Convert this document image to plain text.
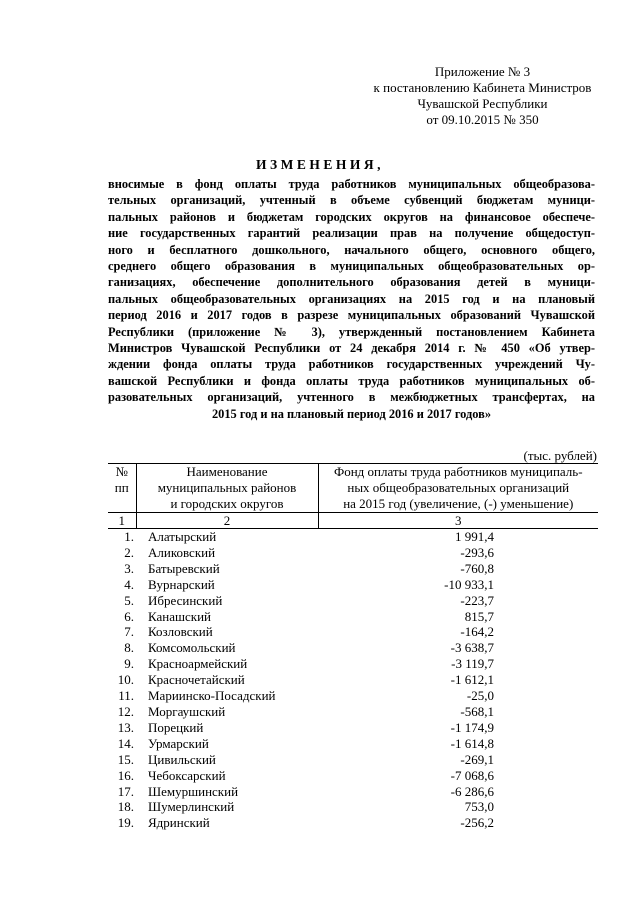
Приложение № 3
к постановлению Кабинета Министров
Чувашской Республики
от 09.10.2015 № 350
ИЗМЕНЕНИЯ,
вносимые в фонд оплаты труда работников муниципальных общеобразова-
тельных организаций, учтенный в объеме субвенций бюджетам муници-
пальных районов и бюджетам городских округов на финансовое обеспече-
ние государственных гарантий реализации прав на получение общедоступ-
ного и бесплатного дошкольного, начального общего, основного общего,
среднего общего образования в муниципальных общеобразовательных ор-
ганизациях, обеспечение дополнительного образования детей в муници-
пальных общеобразовательных организациях на 2015 год и на плановый
период 2016 и 2017 годов в разрезе муниципальных образований Чувашской
Республики (приложение № 3), утвержденный постановлением Кабинета
Министров Чувашской Республики от 24 декабря 2014 г. № 450 «Об утвер-
ждении фонда оплаты труда работников государственных учреждений Чу-
вашской Республики и фонда оплаты труда работников муниципальных об-
разовательных организаций, учтенного в межбюджетных трансфертах, на
2015 год и на плановый период 2016 и 2017 годов»
(тыс. рублей)
№
пп	Наименование
муниципальных районов
и городских округов	Фонд оплаты труда работников муниципаль-
ных общеобразовательных организаций
на 2015 год (увеличение, (-) уменьшение)

1	2	3
1.	Алатырский	1 991,4
2.	Аликовский	-293,6
3.	Батыревский	-760,8
4.	Вурнарский	-10 933,1
5.	Ибресинский	-223,7
6.	Канашский	815,7
7.	Козловский	-164,2
8.	Комсомольский	-3 638,7
9.	Красноармейский	-3 119,7
10.	Красночетайский	-1 612,1
11.	Мариинско-Посадский	-25,0
12.	Моргаушский	-568,1
13.	Порецкий	-1 174,9
14.	Урмарский	-1 614,8
15.	Цивильский	-269,1
16.	Чебоксарский	-7 068,6
17.	Шемуршинский	-6 286,6
18.	Шумерлинский	753,0
19.	Ядринский	-256,2
